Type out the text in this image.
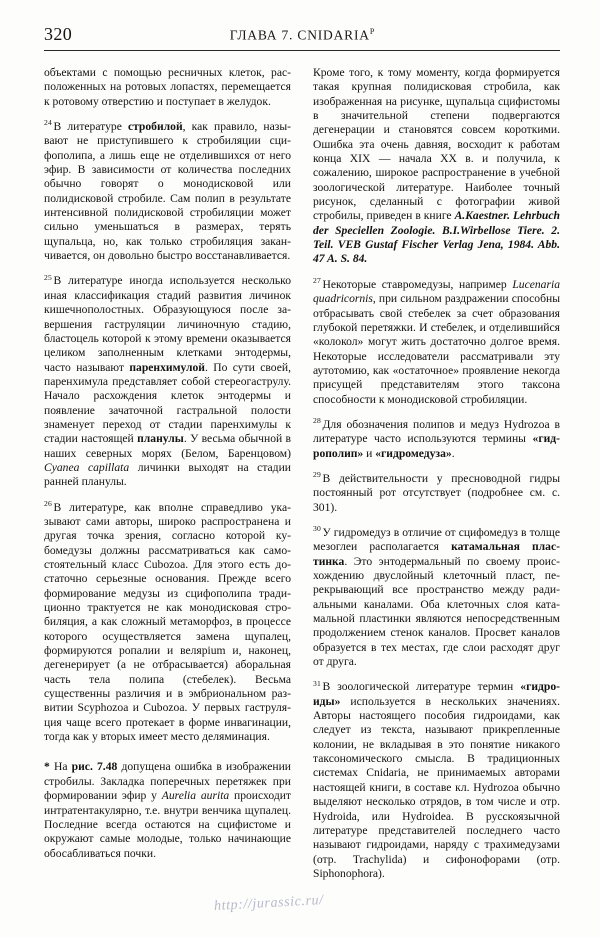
320	ГЛАВА 7. $CNIDARIA^Р$

объектами с помощью ресничных клеток, расположенных на ротовых лопастях, перемещается к ротовому отверстию и поступает в желудок.

$^{24}$ В литературе стробилой, как правило, называют не приступившего к стробиляции сцифополипа, а лишь еще не отделившихся от него эфир. В зависимости от количества последних обычно говорят о монодисковой или полидисковой стробиле. Сам полип в результате интенсивной полидисковой стробиляции может сильно уменьшаться в размерах, терять щупальца, но, как только стробиляция заканчивается, он довольно быстро восстанавливается.

$^{25}$ В литературе иногда используется несколько иная классификация стадий развития личинок кишечнополостных. Образующуюся после завершения гаструляции личиночную стадию, бластоцель которой к этому времени оказывается целиком заполненным клетками энтодермы, часто называют паренхимулой. По сути своей, паренхимула представляет собой стереогаструлу. Начало расхождения клеток энтодермы и появление зачаточной гастральной полости знаменует переход от стадии паренхимулы к стадии настоящей планулы. У весьма обычной в наших северных морях (Белом, Баренцовом) Cyanea capillata личинки выходят на стадии ранней планулы.

$^{26}$ В литературе, как вполне справедливо указывают сами авторы, широко распространена и другая точка зрения, согласно которой кубомедузы должны рассматриваться как самостоятельный класс Cubozoa. Для этого есть достаточно серьезные основания. Прежде всего формирование медузы из сцифополипа традиционно трактуется не как монодисковая стробиляция, а как сложный метаморфоз, в процессе которого осуществляется замена щупалец, формируются ропалии и велярium и, наконец, дегенерирует (а не отбрасывается) аборальная часть тела полипа (стебелек). Весьма существенны различия и в эмбриональном развитии Scyphozoa и Cubozoa. У первых гаструляция чаще всего протекает в форме инвагинации, тогда как у вторых имеет место деляминация.

* На рис. 7.48 допущена ошибка в изображении стробилы. Закладка поперечных перетяжек при формировании эфир у Aurelia aurita происходит интратентакулярно, т.е. внутри венчика щупалец. Последние всегда остаются на сцифистоме и окружают самые молодые, только начинающие обосабливаться почки.

Кроме того, к тому моменту, когда формируется такая крупная полидисковая стробила, как изображенная на рисунке, щупальца сцифистомы в значительной степени подвергаются дегенерации и становятся совсем короткими. Ошибка эта очень давняя, восходит к работам конца XIX — начала XX в. и получила, к сожалению, широкое распространение в учебной зоологической литературе. Наиболее точный рисунок, сделанный с фотографии живой стробилы, приведен в книге A.Kaestner. Lehrbuch der Speciellen Zoologie. B.I.Wirbellose Tiere. 2. Teil. VEB Gustaf Fischer Verlag Jena, 1984. Abb. 47 A. S. 84.

$^{27}$ Некоторые ставромедузы, например Lucenaria quadricornis, при сильном раздражении способны отбрасывать свой стебелек за счет образования глубокой перетяжки. И стебелек, и отделившийся «колокол» могут жить достаточно долгое время. Некоторые исследователи рассматривали эту аутотомию, как «остаточное» проявление некогда присущей представителям этого таксона способности к монодисковой стробиляции.

$^{28}$ Для обозначения полипов и медуз Hydrozoa в литературе часто используются термины «гидрополип» и «гидромедуза».

$^{29}$ В действительности у пресноводной гидры постоянный рот отсутствует (подробнее см. с. 301).

$^{30}$ У гидромедуз в отличие от сцифомедуз в толще мезоглеи располагается катамальная пластинка. Это энтодермальный по своему происхождению двуслойный клеточный пласт, перекрывающий все пространство между радиальными каналами. Оба клеточных слоя катамальной пластинки являются непосредственным продолжением стенок каналов. Просвет каналов образуется в тех местах, где слои расходят друг от друга.

$^{31}$ В зоологической литературе термин «гидроиды» используется в нескольких значениях. Авторы настоящего пособия гидроидами, как следует из текста, называют прикрепленные колонии, не вкладывая в это понятие никакого таксономического смысла. В традиционных системах Cnidaria, не принимаемых авторами настоящей книги, в составе кл. Hydrozoa обычно выделяют несколько отрядов, в том числе и отр. Hydroida, или Hydroidea. В русскоязычной литературе представителей последнего часто называют гидроидами, наряду с трахимедузами (отр. Trachylida) и сифонофорами (отр. Siphonophora).

http://jurassic.ru/
